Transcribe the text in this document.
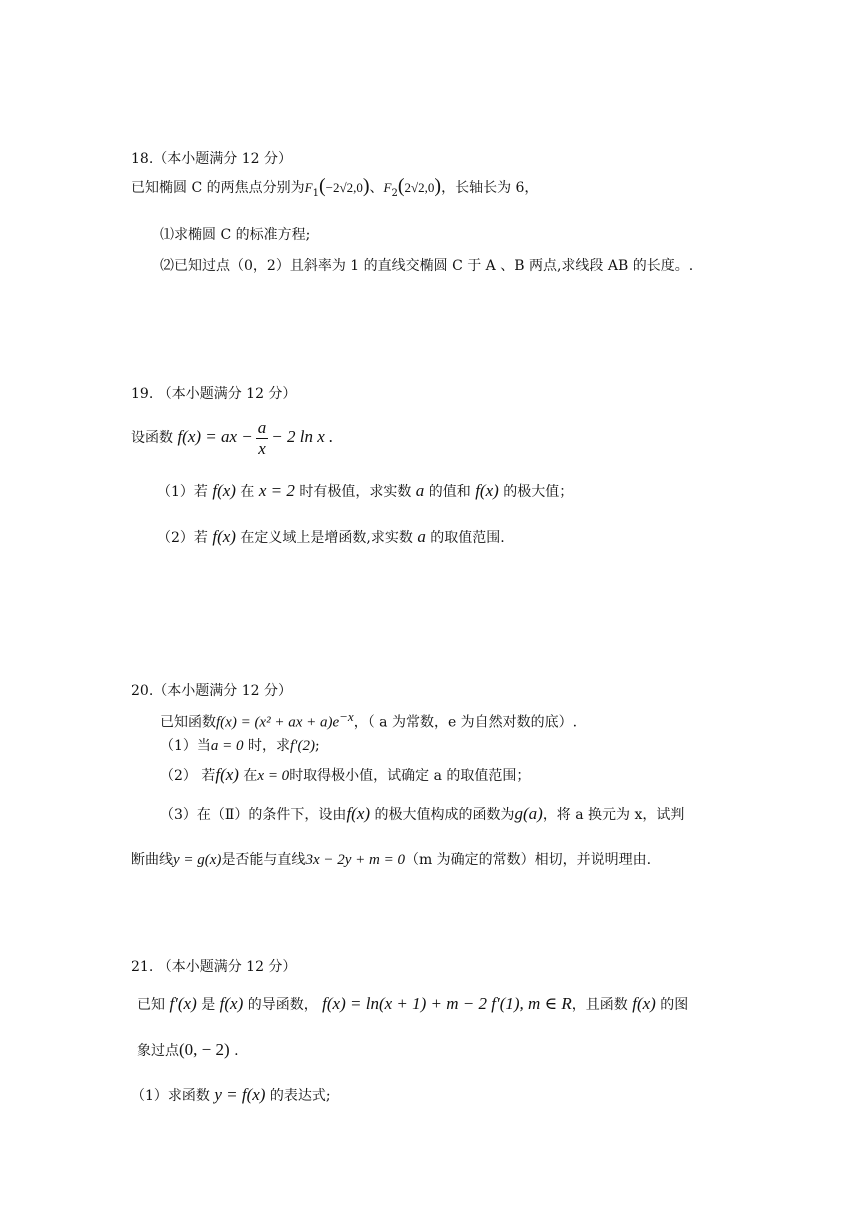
18.（本小题满分 12 分）
已知椭圆 C 的两焦点分别为$F_1(-2√2,0)$、$F_2(2√2,0)$，长轴长为 6，
⑴求椭圆 C 的标准方程;
⑵已知过点（0，2）且斜率为 1 的直线交椭圆 C 于 A 、B 两点,求线段 AB 的长度。.
19. （本小题满分 12 分）
设函数 f(x) = ax − $\frac{a}{x} - 2$ ln x .
（1）若 f(x) 在 x = 2 时有极值，求实数 a 的值和 f(x) 的极大值；
（2）若 f(x) 在定义域上是增函数,求实数 a 的取值范围.
20.（本小题满分 12 分）
已知函数f(x) = (x² + ax + $a)e^{-x}$，（ a 为常数，e 为自然对数的底）.
（1）当a = 0 时，求f′(2);
（2） 若f(x) 在x = 0时取得极小值，试确定 a 的取值范围；
（3）在（Ⅱ）的条件下，设由f(x) 的极大值构成的函数为g(a)，将 a 换元为 x，试判
断曲线y = g(x)是否能与直线3x − 2y + m = 0（m 为确定的常数）相切，并说明理由.
21. （本小题满分 12 分）
已知 f′(x) 是 f(x) 的导函数， f(x) = ln(x + 1) + m − 2 f′(1), m ∈ R，且函数 f(x) 的图
象过点(0, − 2) .
（1）求函数 y = f(x) 的表达式;
